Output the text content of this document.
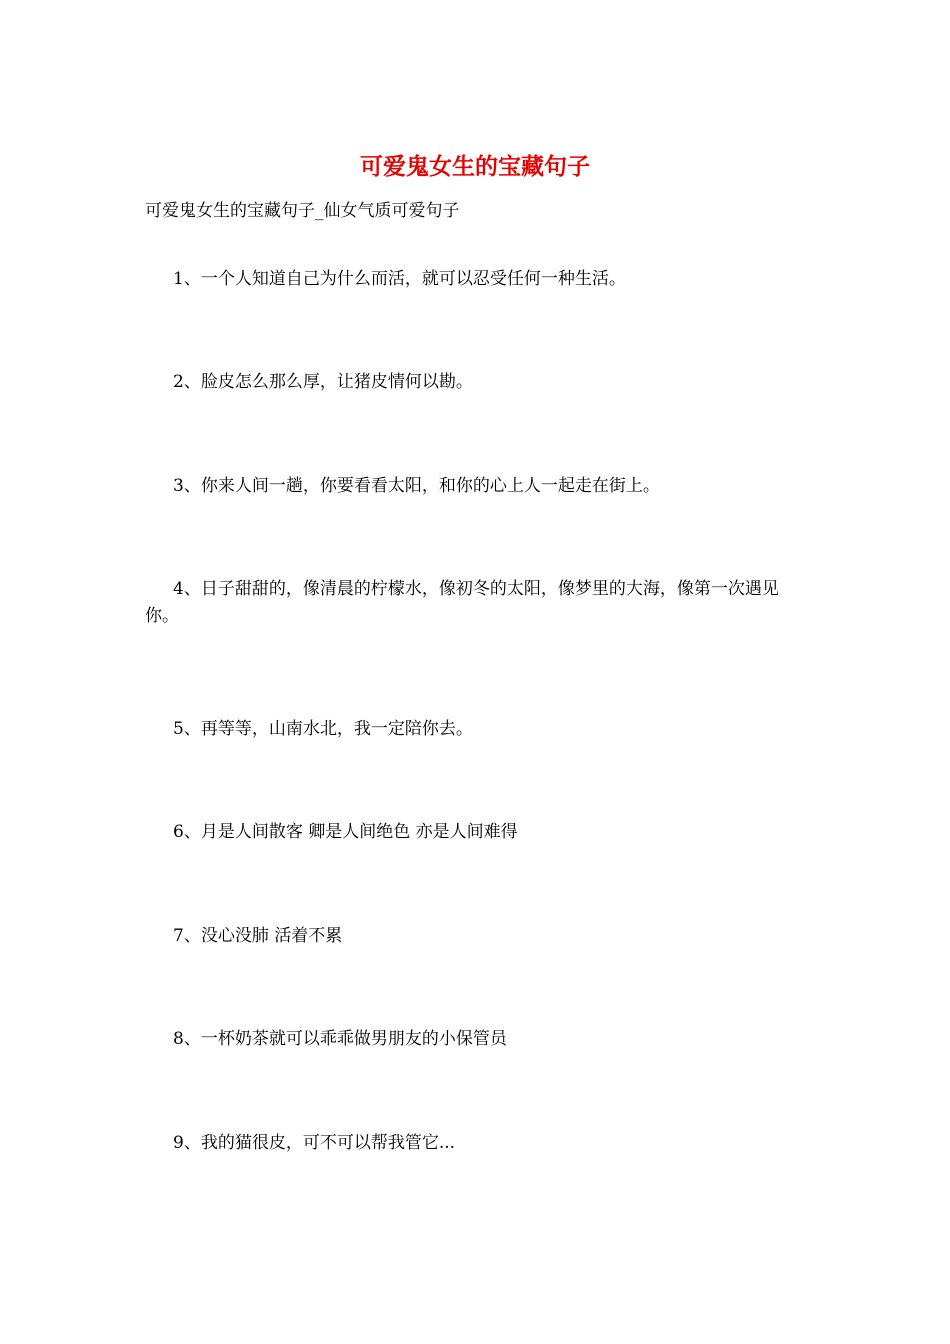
可爱鬼女生的宝藏句子

可爱鬼女生的宝藏句子_仙女气质可爱句子

1、一个人知道自己为什么而活，就可以忍受任何一种生活。

2、脸皮怎么那么厚，让猪皮情何以勘。

3、你来人间一趟，你要看看太阳，和你的心上人一起走在街上。

4、日子甜甜的，像清晨的柠檬水，像初冬的太阳，像梦里的大海，像第一次遇见你。

5、再等等，山南水北，我一定陪你去。

6、月是人间散客 卿是人间绝色 亦是人间难得

7、没心没肺 活着不累

8、一杯奶茶就可以乖乖做男朋友的小保管员

9、我的猫很皮，可不可以帮我管它...
